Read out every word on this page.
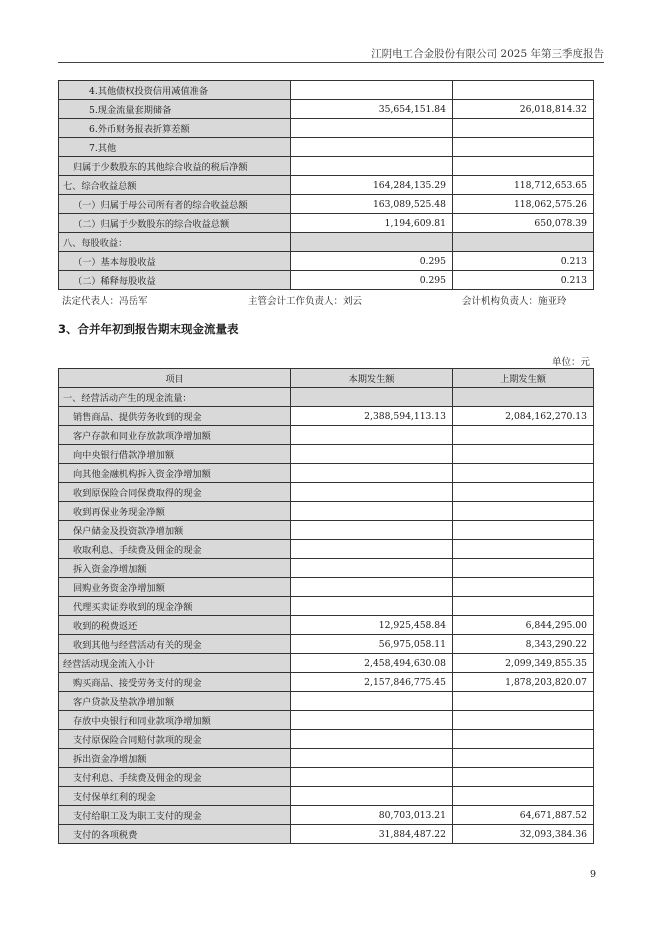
江阴电工合金股份有限公司 2025 年第三季度报告
4.其他债权投资信用减值准备		
5.现金流量套期储备	35,654,151.84	26,018,814.32
6.外币财务报表折算差额		
7.其他		
归属于少数股东的其他综合收益的税后净额		
七、综合收益总额	164,284,135.29	118,712,653.65
（一）归属于母公司所有者的综合收益总额	163,089,525.48	118,062,575.26
（二）归属于少数股东的综合收益总额	1,194,609.81	650,078.39
八、每股收益：		
（一）基本每股收益	0.295	0.213
（二）稀释每股收益	0.295	0.213
法定代表人：冯岳军	主管会计工作负责人：刘云	会计机构负责人：施亚玲
3、合并年初到报告期末现金流量表
单位：元
项目	本期发生额	上期发生额
一、经营活动产生的现金流量：		
销售商品、提供劳务收到的现金	2,388,594,113.13	2,084,162,270.13
客户存款和同业存放款项净增加额		
向中央银行借款净增加额		
向其他金融机构拆入资金净增加额		
收到原保险合同保费取得的现金		
收到再保业务现金净额		
保户储金及投资款净增加额		
收取利息、手续费及佣金的现金		
拆入资金净增加额		
回购业务资金净增加额		
代理买卖证券收到的现金净额		
收到的税费返还	12,925,458.84	6,844,295.00
收到其他与经营活动有关的现金	56,975,058.11	8,343,290.22
经营活动现金流入小计	2,458,494,630.08	2,099,349,855.35
购买商品、接受劳务支付的现金	2,157,846,775.45	1,878,203,820.07
客户贷款及垫款净增加额		
存放中央银行和同业款项净增加额		
支付原保险合同赔付款项的现金		
拆出资金净增加额		
支付利息、手续费及佣金的现金		
支付保单红利的现金		
支付给职工及为职工支付的现金	80,703,013.21	64,671,887.52
支付的各项税费	31,884,487.22	32,093,384.36
9
